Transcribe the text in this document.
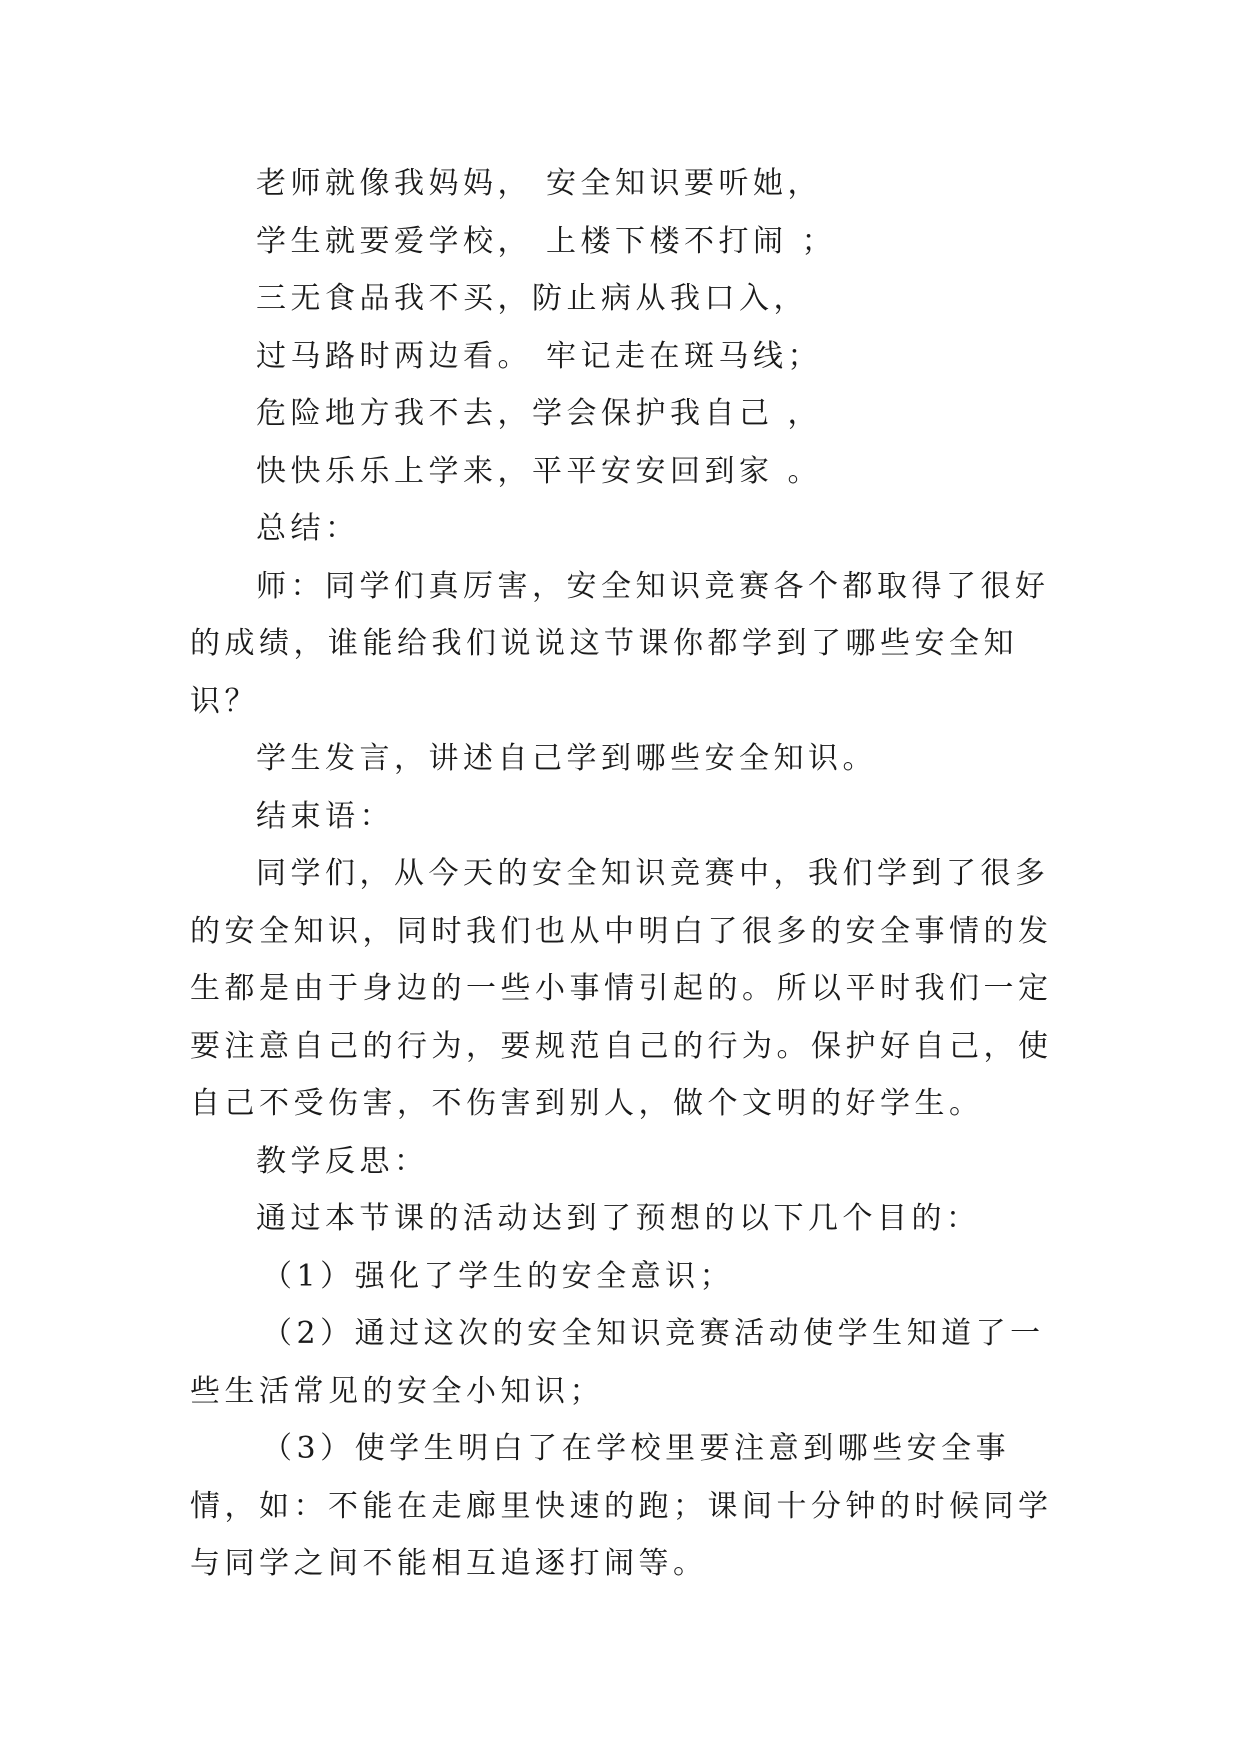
老师就像我妈妈， 安全知识要听她，

学生就要爱学校， 上楼下楼不打闹 ；

三无食品我不买，防止病从我口入，

过马路时两边看。 牢记走在斑马线；

危险地方我不去，学会保护我自己 ，

快快乐乐上学来，平平安安回到家 。

总结：

师：同学们真厉害，安全知识竞赛各个都取得了很好的成绩，谁能给我们说说这节课你都学到了哪些安全知识？

学生发言，讲述自己学到哪些安全知识。

结束语：

同学们，从今天的安全知识竞赛中，我们学到了很多的安全知识，同时我们也从中明白了很多的安全事情的发生都是由于身边的一些小事情引起的。所以平时我们一定要注意自己的行为，要规范自己的行为。保护好自己，使自己不受伤害，不伤害到别人，做个文明的好学生。

教学反思：

通过本节课的活动达到了预想的以下几个目的：

（1）强化了学生的安全意识；

（2）通过这次的安全知识竞赛活动使学生知道了一些生活常见的安全小知识；

（3）使学生明白了在学校里要注意到哪些安全事情，如：不能在走廊里快速的跑；课间十分钟的时候同学与同学之间不能相互追逐打闹等。
